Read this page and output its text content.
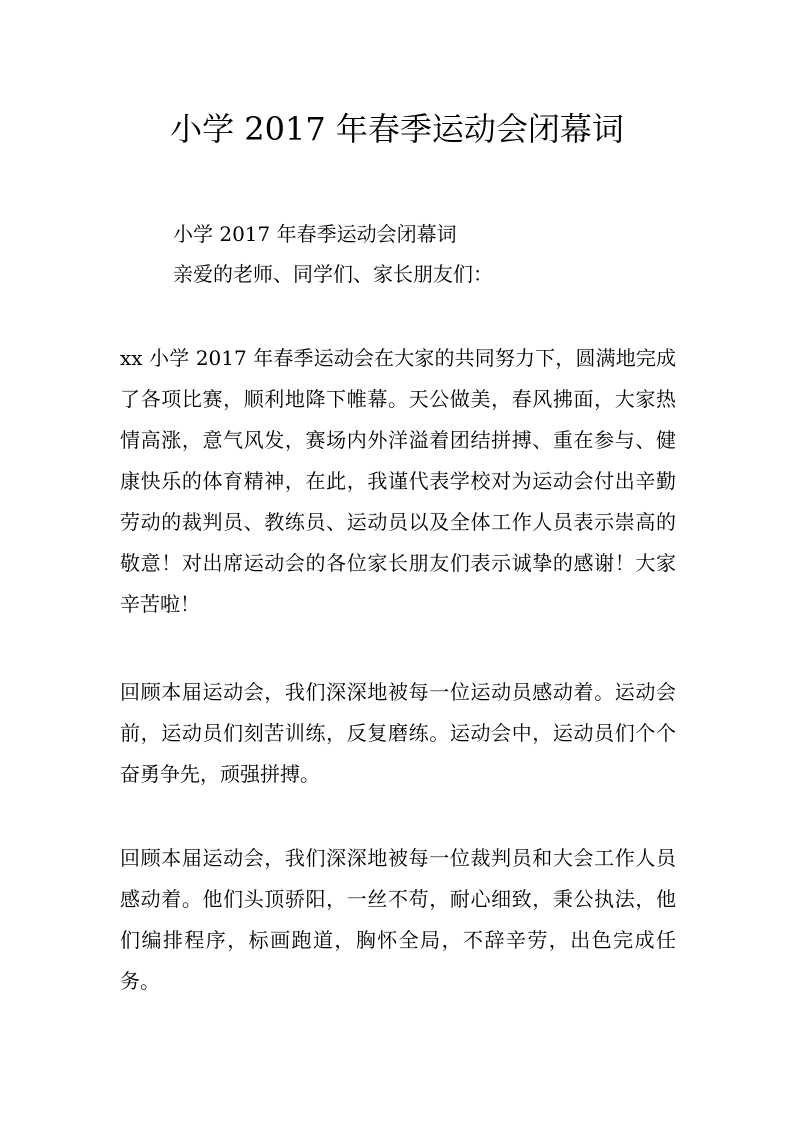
小学 2017 年春季运动会闭幕词

小学 2017 年春季运动会闭幕词

亲爱的老师、同学们、家长朋友们：

xx 小学 2017 年春季运动会在大家的共同努力下，圆满地完成了各项比赛，顺利地降下帷幕。天公做美，春风拂面，大家热情高涨，意气风发，赛场内外洋溢着团结拼搏、重在参与、健康快乐的体育精神，在此，我谨代表学校对为运动会付出辛勤劳动的裁判员、教练员、运动员以及全体工作人员表示崇高的敬意！对出席运动会的各位家长朋友们表示诚挚的感谢！大家辛苦啦！

回顾本届运动会，我们深深地被每一位运动员感动着。运动会前，运动员们刻苦训练，反复磨练。运动会中，运动员们个个奋勇争先，顽强拼搏。

回顾本届运动会，我们深深地被每一位裁判员和大会工作人员感动着。他们头顶骄阳，一丝不苟，耐心细致，秉公执法，他们编排程序，标画跑道，胸怀全局，不辞辛劳，出色完成任务。
